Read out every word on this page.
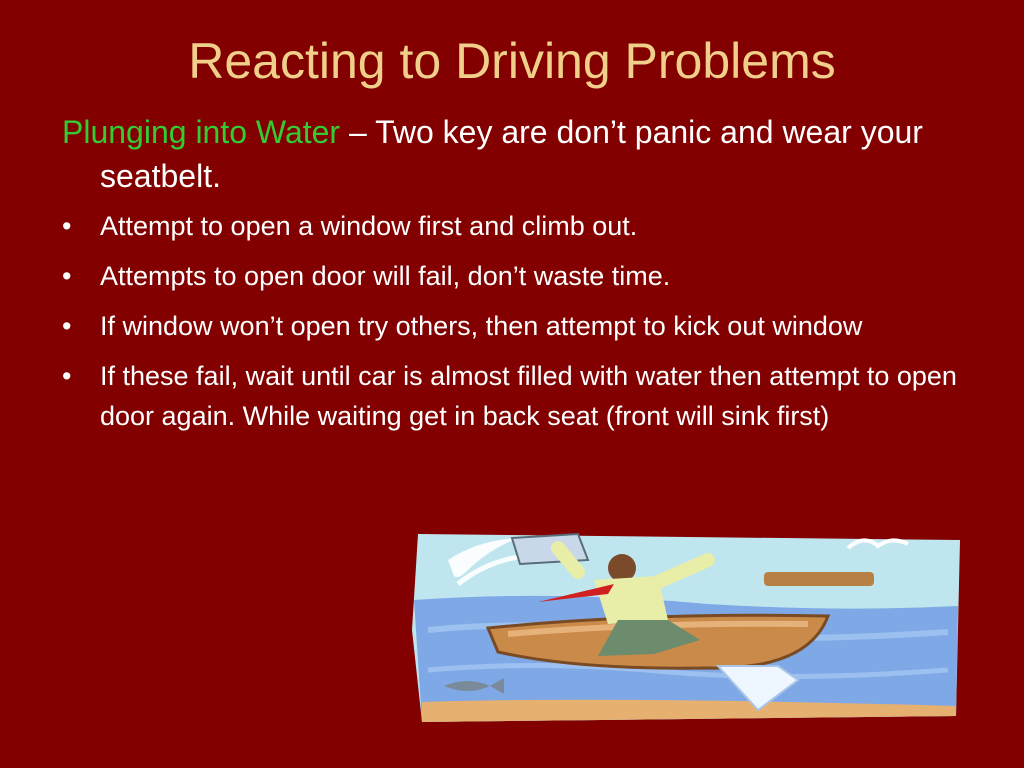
Reacting to Driving Problems

Plunging into Water – Two key are don’t panic and wear your seatbelt.

•	Attempt to open a window first and climb out.
•	Attempts to open door will fail, don’t waste time.
•	If window won’t open try others, then attempt to kick out window
•	If these fail, wait until car is almost filled with water then attempt to open door again. While waiting get in back seat (front will sink first)
